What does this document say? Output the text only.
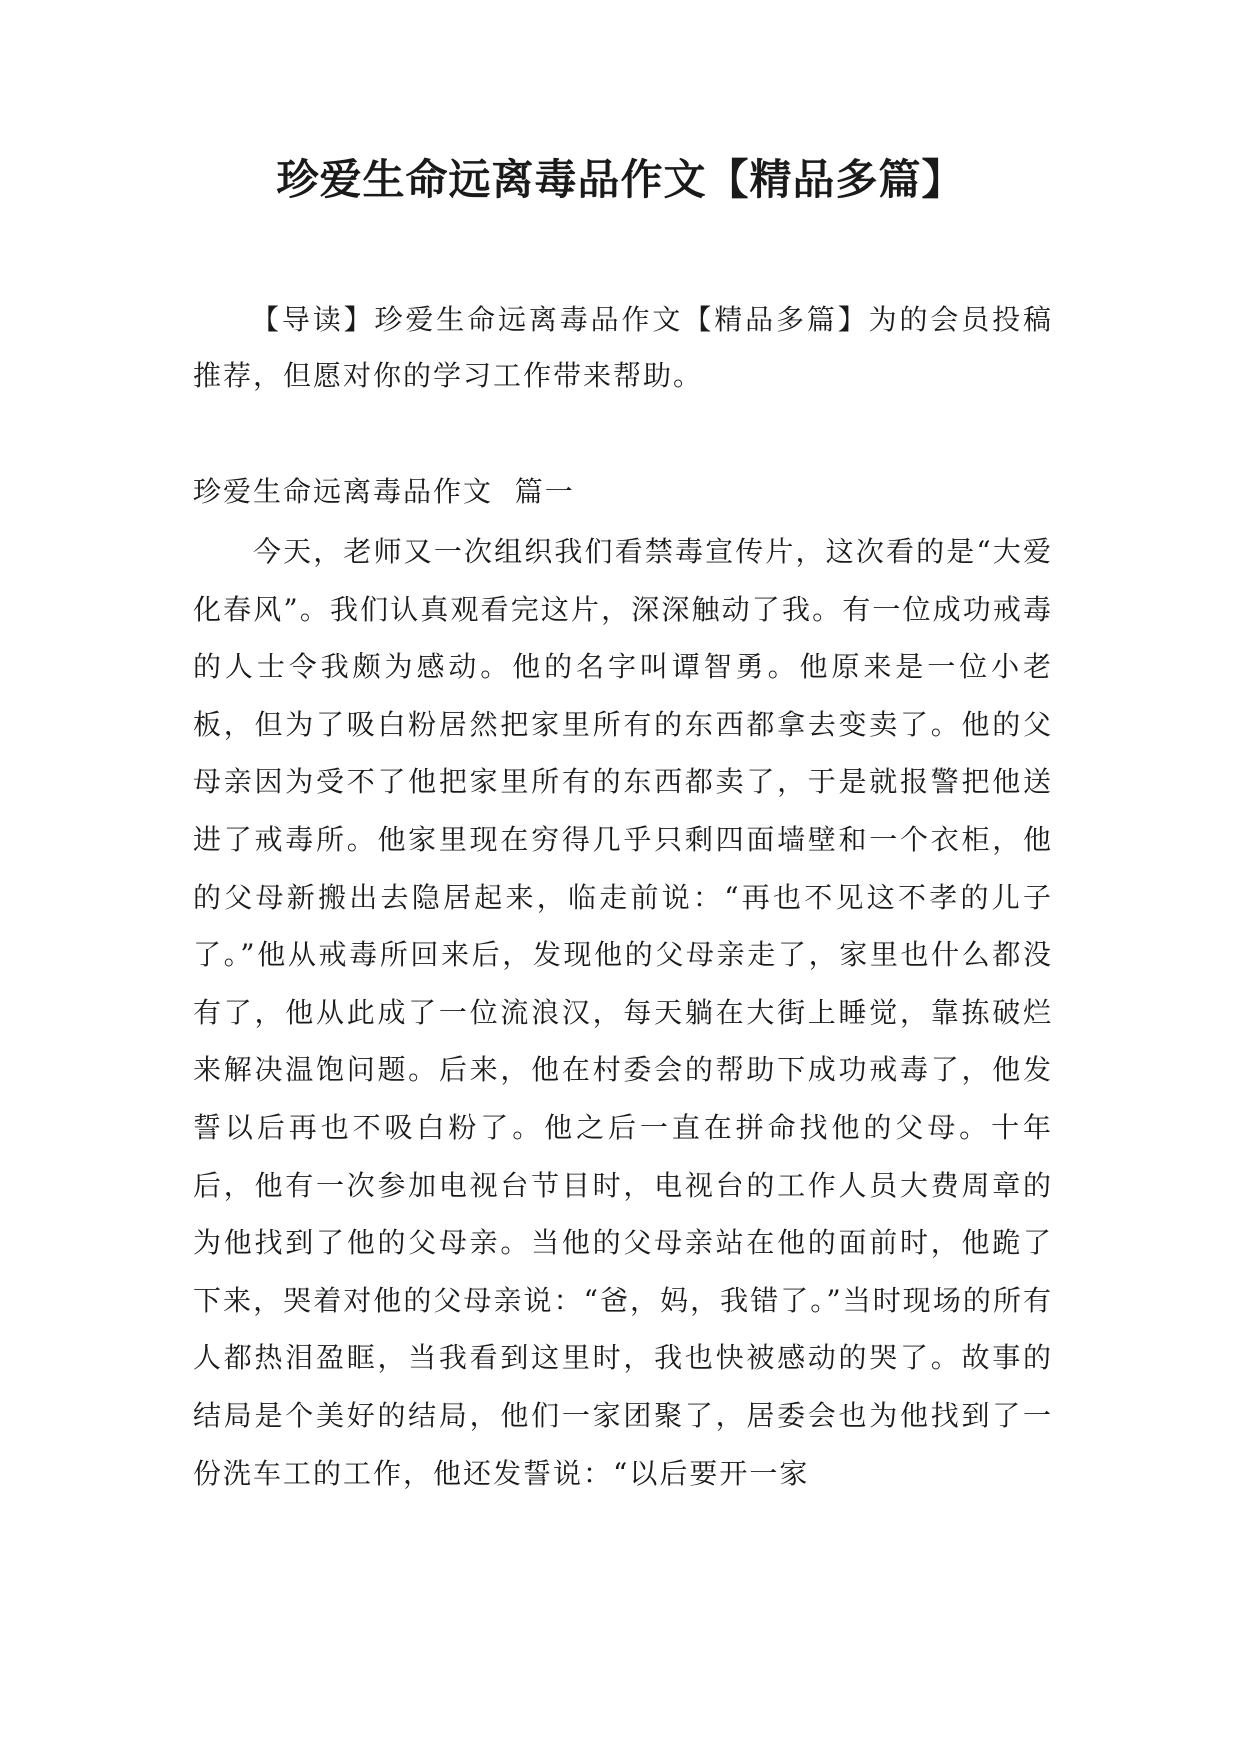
珍爱生命远离毒品作文【精品多篇】

【导读】珍爱生命远离毒品作文【精品多篇】为的会员投稿推荐，但愿对你的学习工作带来帮助。

珍爱生命远离毒品作文  篇一

今天，老师又一次组织我们看禁毒宣传片，这次看的是“大爱化春风”。我们认真观看完这片，深深触动了我。有一位成功戒毒的人士令我颇为感动。他的名字叫谭智勇。他原来是一位小老板，但为了吸白粉居然把家里所有的东西都拿去变卖了。他的父母亲因为受不了他把家里所有的东西都卖了，于是就报警把他送进了戒毒所。他家里现在穷得几乎只剩四面墙壁和一个衣柜，他的父母新搬出去隐居起来，临走前说：“再也不见这不孝的儿子了。”他从戒毒所回来后，发现他的父母亲走了，家里也什么都没有了，他从此成了一位流浪汉，每天躺在大街上睡觉，靠拣破烂来解决温饱问题。后来，他在村委会的帮助下成功戒毒了，他发誓以后再也不吸白粉了。他之后一直在拼命找他的父母。十年后，他有一次参加电视台节目时，电视台的工作人员大费周章的为他找到了他的父母亲。当他的父母亲站在他的面前时，他跪了下来，哭着对他的父母亲说：“爸，妈，我错了。”当时现场的所有人都热泪盈眶，当我看到这里时，我也快被感动的哭了。故事的结局是个美好的结局，他们一家团聚了，居委会也为他找到了一份洗车工的工作，他还发誓说：“以后要开一家
